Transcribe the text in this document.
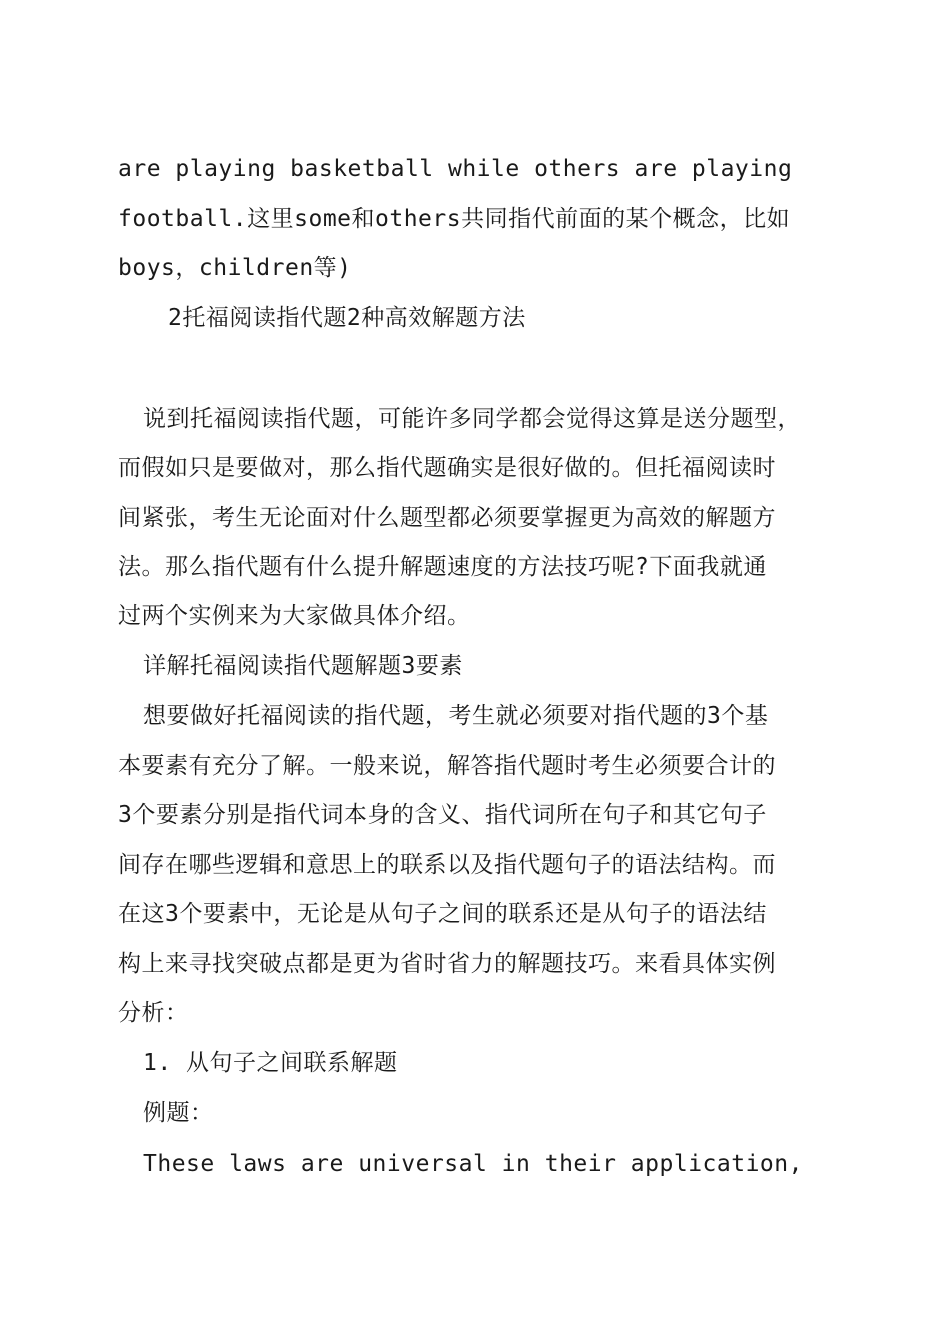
are playing basketball while others are playing
football.这里some和others共同指代前面的某个概念，比如
boys，children等)
2托福阅读指代题2种高效解题方法
说到托福阅读指代题，可能许多同学都会觉得这算是送分题型，
而假如只是要做对，那么指代题确实是很好做的。但托福阅读时
间紧张，考生无论面对什么题型都必须要掌握更为高效的解题方
法。那么指代题有什么提升解题速度的方法技巧呢?下面我就通
过两个实例来为大家做具体介绍。
详解托福阅读指代题解题3要素
想要做好托福阅读的指代题，考生就必须要对指代题的3个基
本要素有充分了解。一般来说，解答指代题时考生必须要合计的
3个要素分别是指代词本身的含义、指代词所在句子和其它句子
间存在哪些逻辑和意思上的联系以及指代题句子的语法结构。而
在这3个要素中，无论是从句子之间的联系还是从句子的语法结
构上来寻找突破点都是更为省时省力的解题技巧。来看具体实例
分析：
1. 从句子之间联系解题
例题：
These laws are universal in their application,
